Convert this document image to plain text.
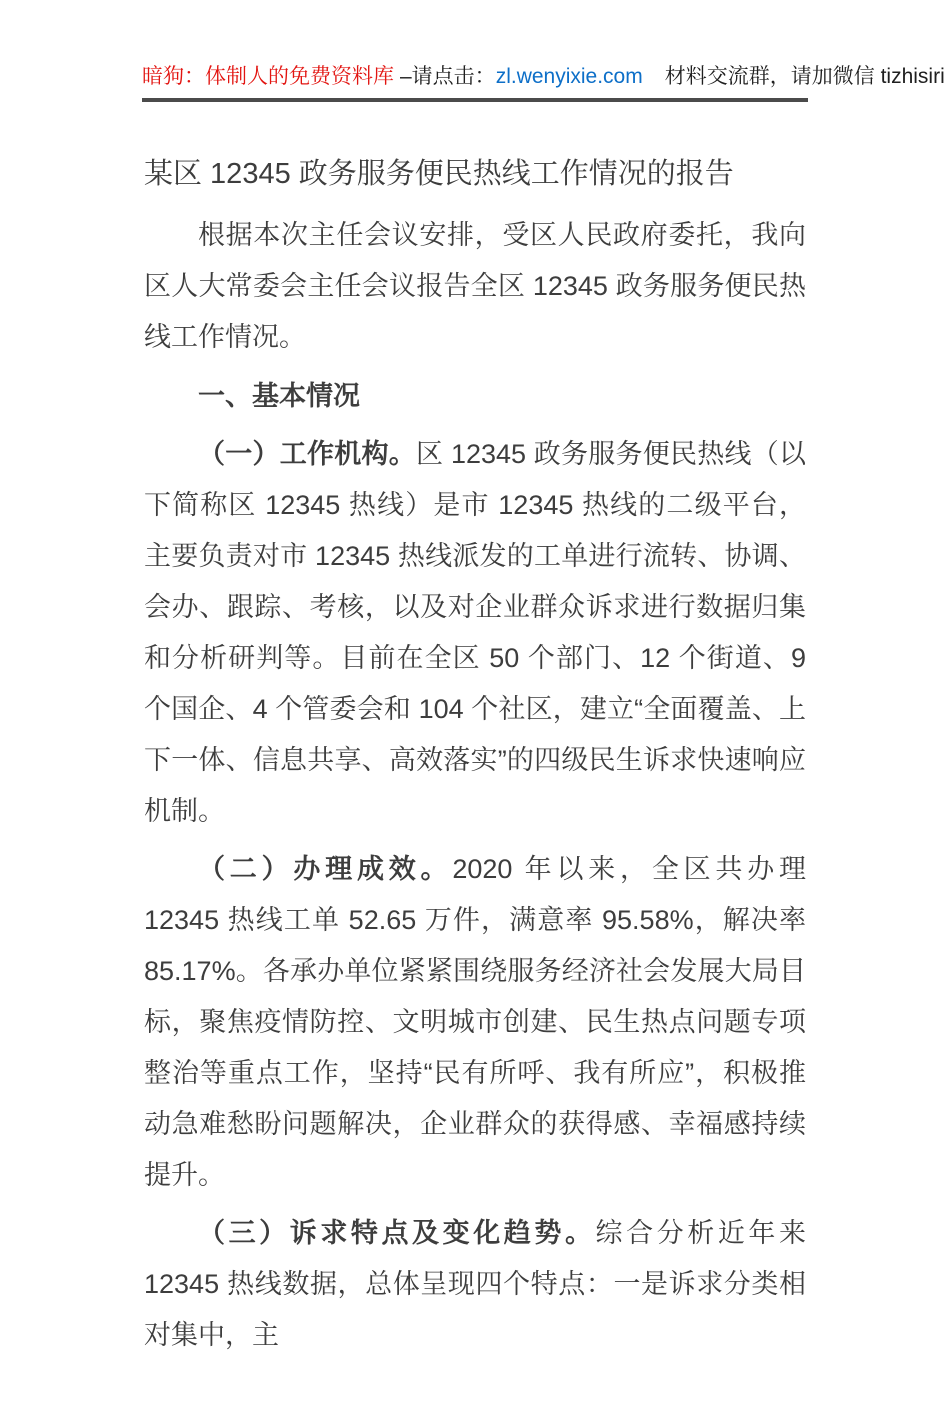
暗狗：体制人的免费资料库 –请点击：zl.wenyixie.com 材料交流群，请加微信 tizhisiri
某区 12345 政务服务便民热线工作情况的报告
根据本次主任会议安排，受区人民政府委托，我向区人大常委会主任会议报告全区 12345 政务服务便民热线工作情况。
一、基本情况
（一）工作机构。区 12345 政务服务便民热线（以下简称区 12345 热线）是市 12345 热线的二级平台，主要负责对市 12345 热线派发的工单进行流转、协调、会办、跟踪、考核，以及对企业群众诉求进行数据归集和分析研判等。目前在全区 50 个部门、12 个街道、9 个国企、4 个管委会和 104 个社区，建立“全面覆盖、上下一体、信息共享、高效落实”的四级民生诉求快速响应机制。
（二）办理成效。2020 年以来，全区共办理 12345 热线工单 52.65 万件，满意率 95.58%，解决率 85.17%。各承办单位紧紧围绕服务经济社会发展大局目标，聚焦疫情防控、文明城市创建、民生热点问题专项整治等重点工作，坚持“民有所呼、我有所应”，积极推动急难愁盼问题解决，企业群众的获得感、幸福感持续提升。
（三）诉求特点及变化趋势。综合分析近年来 12345 热线数据，总体呈现四个特点：一是诉求分类相对集中，主
